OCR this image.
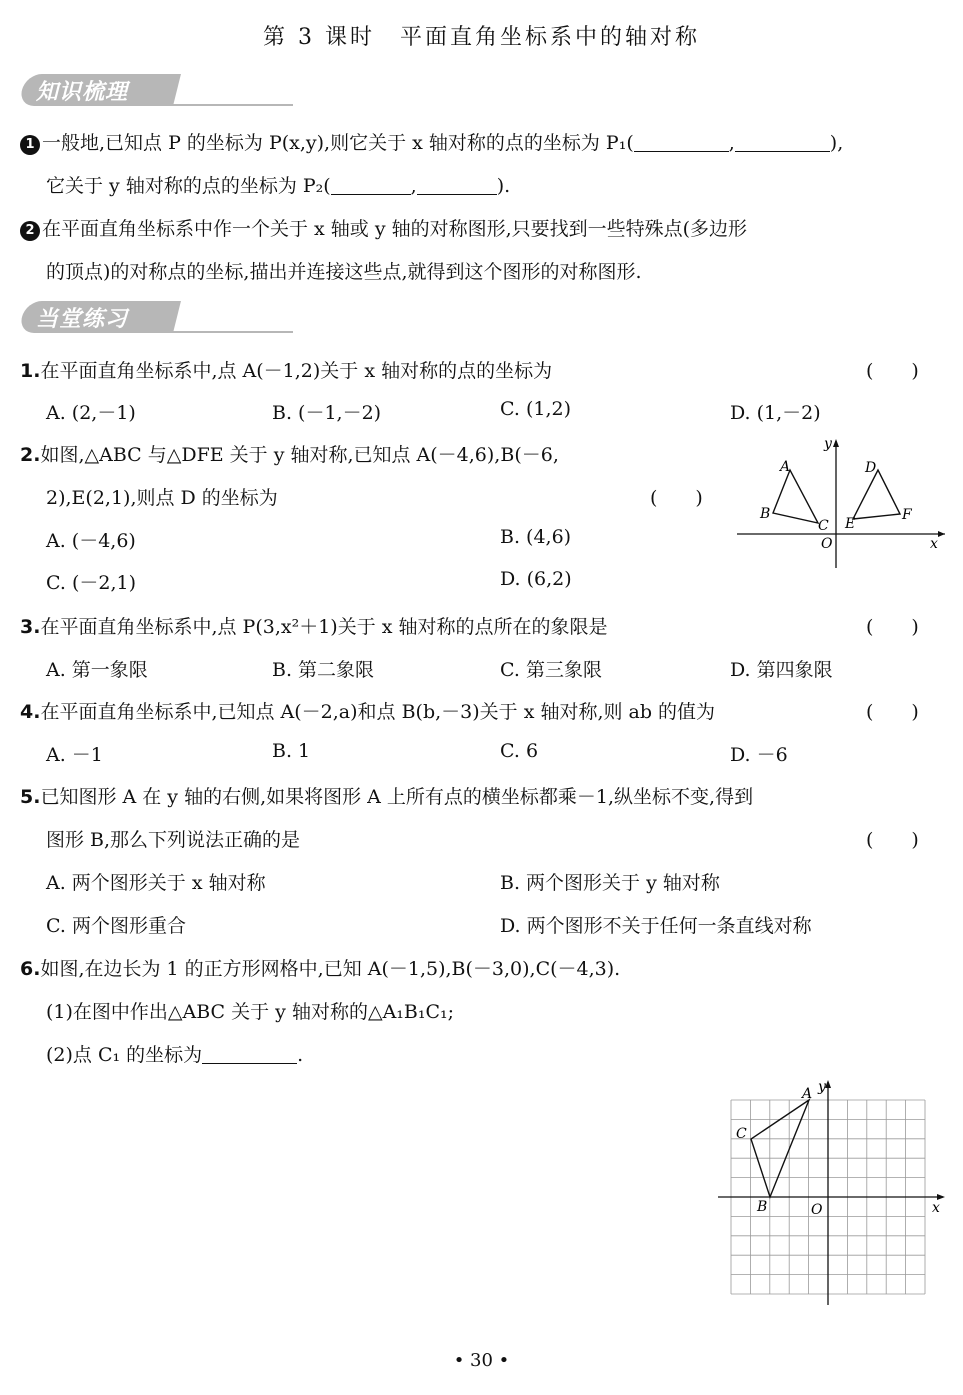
第 3 课时　平面直角坐标系中的轴对称
知识梳理
1 一般地,已知点 P 的坐标为 P(x,y),则它关于 x 轴对称的点的坐标为 P₁(	,	),
它关于 y 轴对称的点的坐标为 P₂(	,	).
2 在平面直角坐标系中作一个关于 x 轴或 y 轴的对称图形,只要找到一些特殊点(多边形
的顶点)的对称点的坐标,描出并连接这些点,就得到这个图形的对称图形.
当堂练习
1.在平面直角坐标系中,点 A(－1,2)关于 x 轴对称的点的坐标为	(　　)
A. (2,－1)	B. (－1,－2)	C. (1,2)	D. (1,－2)
2.如图,△ABC 与△DFE 关于 y 轴对称,已知点 A(－4,6),B(－6,
2),E(2,1),则点 D 的坐标为	(　　)
A. (－4,6)	B. (4,6)
C. (－2,1)	D. (6,2)
A
B
C
D
E
F
O	x
y
3.在平面直角坐标系中,点 P(3,x²＋1)关于 x 轴对称的点所在的象限是	(　　)
A. 第一象限	B. 第二象限	C. 第三象限	D. 第四象限
4.在平面直角坐标系中,已知点 A(－2,a)和点 B(b,－3)关于 x 轴对称,则 ab 的值为	(　　)
A. －1	B. 1	C. 6	D. －6
5.已知图形 A 在 y 轴的右侧,如果将图形 A 上所有点的横坐标都乘－1,纵坐标不变,得到
图形 B,那么下列说法正确的是	(　　)
A. 两个图形关于 x 轴对称	B. 两个图形关于 y 轴对称
C. 两个图形重合	D. 两个图形不关于任何一条直线对称
6.如图,在边长为 1 的正方形网格中,已知 A(－1,5),B(－3,0),C(－4,3).
(1)在图中作出△ABC 关于 y 轴对称的△A₁B₁C₁;
(2)点 C₁ 的坐标为	.
A
B
C
O	x
y
• 30 •
